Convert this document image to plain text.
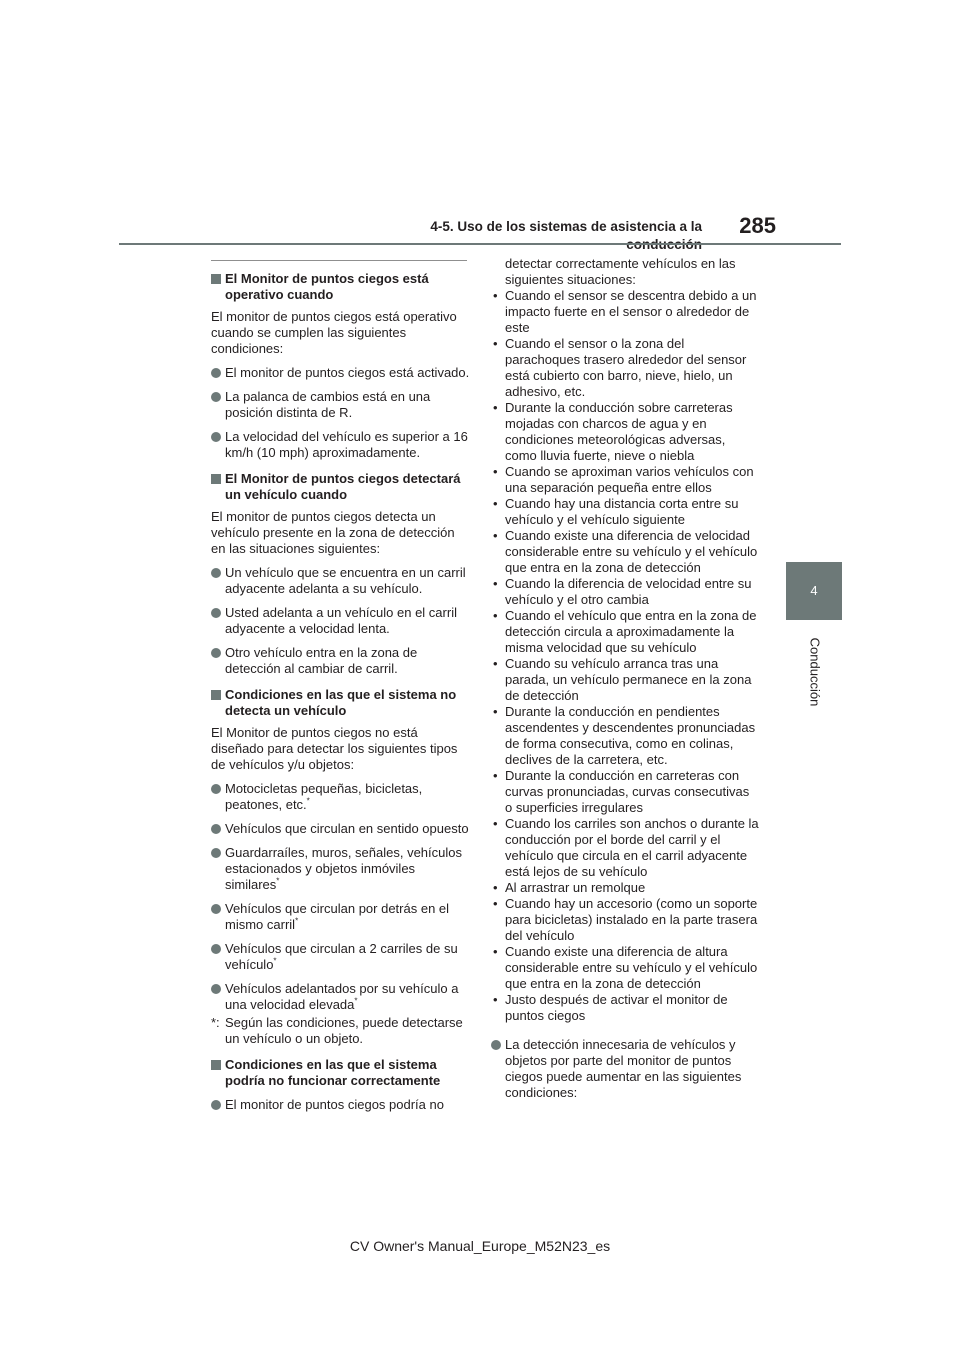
4-5. Uso de los sistemas de asistencia a la	285
4
Conducción
El Monitor de puntos ciegos está operativo cuando
El monitor de puntos ciegos está operativo cuando se cumplen las siguientes condiciones:
El monitor de puntos ciegos está activado.
La palanca de cambios está en una posición distinta de R.
La velocidad del vehículo es superior a 16 km/h (10 mph) aproximadamente.
El Monitor de puntos ciegos detectará un vehículo cuando
El monitor de puntos ciegos detecta un vehículo presente en la zona de detección en las situaciones siguientes:
Un vehículo que se encuentra en un carril adyacente adelanta a su vehículo.
Usted adelanta a un vehículo en el carril adyacente a velocidad lenta.
Otro vehículo entra en la zona de detección al cambiar de carril.
Condiciones en las que el sistema no detecta un vehículo
El Monitor de puntos ciegos no está diseñado para detectar los siguientes tipos de vehículos y/u objetos:
Motocicletas pequeñas, bicicletas, peatones, etc.*
Vehículos que circulan en sentido opuesto
Guardarraíles, muros, señales, vehículos estacionados y objetos inmóviles similares*
Vehículos que circulan por detrás en el mismo carril*
Vehículos que circulan a 2 carriles de su vehículo*
Vehículos adelantados por su vehículo a una velocidad elevada*
*: Según las condiciones, puede detectarse un vehículo o un objeto.
Condiciones en las que el sistema podría no funcionar correctamente
El monitor de puntos ciegos podría no
detectar correctamente vehículos en las siguientes situaciones:
• Cuando el sensor se descentra debido a un impacto fuerte en el sensor o alrededor de este
• Cuando el sensor o la zona del parachoques trasero alrededor del sensor está cubierto con barro, nieve, hielo, un adhesivo, etc.
• Durante la conducción sobre carreteras mojadas con charcos de agua y en condiciones meteorológicas adversas, como lluvia fuerte, nieve o niebla
• Cuando se aproximan varios vehículos con una separación pequeña entre ellos
• Cuando hay una distancia corta entre su vehículo y el vehículo siguiente
• Cuando existe una diferencia de velocidad considerable entre su vehículo y el vehículo que entra en la zona de detección
• Cuando la diferencia de velocidad entre su vehículo y el otro cambia
• Cuando el vehículo que entra en la zona de detección circula a aproximadamente la misma velocidad que su vehículo
• Cuando su vehículo arranca tras una parada, un vehículo permanece en la zona de detección
• Durante la conducción en pendientes ascendentes y descendentes pronunciadas de forma consecutiva, como en colinas, declives de la carretera, etc.
• Durante la conducción en carreteras con curvas pronunciadas, curvas consecutivas o superficies irregulares
• Cuando los carriles son anchos o durante la conducción por el borde del carril y el vehículo que circula en el carril adyacente está lejos de su vehículo
• Al arrastrar un remolque
• Cuando hay un accesorio (como un soporte para bicicletas) instalado en la parte trasera del vehículo
• Cuando existe una diferencia de altura considerable entre su vehículo y el vehículo que entra en la zona de detección
• Justo después de activar el monitor de puntos ciegos
La detección innecesaria de vehículos y objetos por parte del monitor de puntos ciegos puede aumentar en las siguientes condiciones:
CV Owner's Manual_Europe_M52N23_es
